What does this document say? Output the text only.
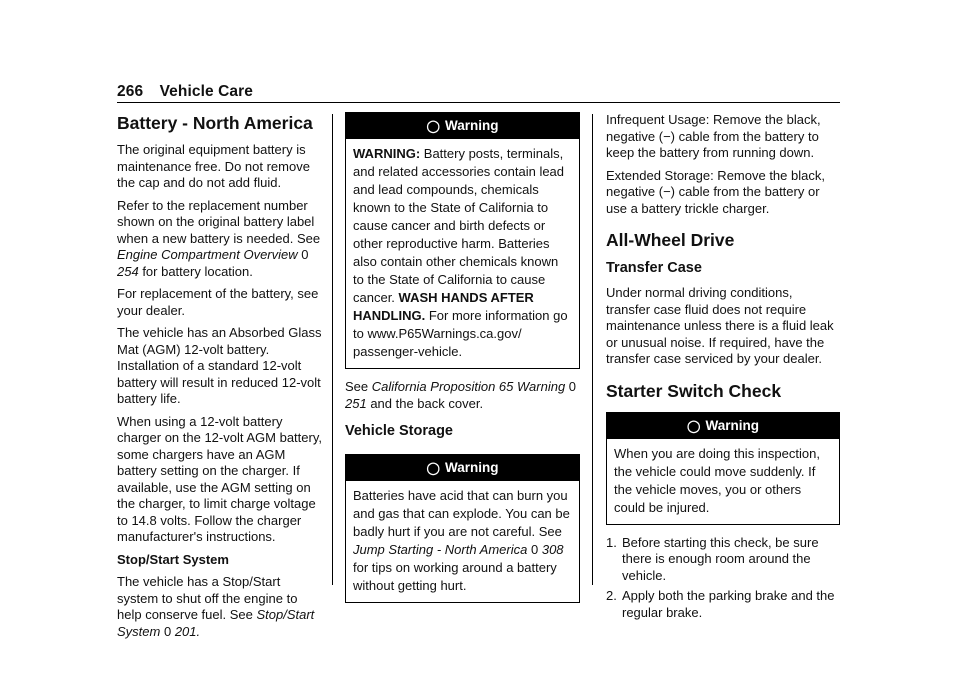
266 Vehicle Care
Battery - North America

The original equipment battery is maintenance free. Do not remove the cap and do not add fluid.

Refer to the replacement number shown on the original battery label when a new battery is needed. See Engine Compartment Overview 0 254 for battery location.

For replacement of the battery, see your dealer.

The vehicle has an Absorbed Glass Mat (AGM) 12-volt battery. Installation of a standard 12-volt battery will result in reduced 12-volt battery life.

When using a 12-volt battery charger on the 12-volt AGM battery, some chargers have an AGM battery setting on the charger. If available, use the AGM setting on the charger, to limit charge voltage to 14.8 volts. Follow the charger manufacturer's instructions.

Stop/Start System

The vehicle has a Stop/Start system to shut off the engine to help conserve fuel. See Stop/Start System 0 201.

◯ Warning
WARNING: Battery posts, terminals, and related accessories contain lead and lead compounds, chemicals known to the State of California to cause cancer and birth defects or other reproductive harm. Batteries also contain other chemicals known to the State of California to cause cancer. WASH HANDS AFTER HANDLING. For more information go to www.P65Warnings.ca.gov/ passenger-vehicle.

See California Proposition 65 Warning 0 251 and the back cover.

Vehicle Storage
◯ Warning
Batteries have acid that can burn you and gas that can explode. You can be badly hurt if you are not careful. See Jump Starting - North America 0 308 for tips on working around a battery without getting hurt.

Infrequent Usage: Remove the black, negative (−) cable from the battery to keep the battery from running down.

Extended Storage: Remove the black, negative (−) cable from the battery or use a battery trickle charger.

All-Wheel Drive
Transfer Case

Under normal driving conditions, transfer case fluid does not require maintenance unless there is a fluid leak or unusual noise. If required, have the transfer case serviced by your dealer.

Starter Switch Check
◯ Warning
When you are doing this inspection, the vehicle could move suddenly. If the vehicle moves, you or others could be injured.
1. Before starting this check, be sure there is enough room around the vehicle.
2. Apply both the parking brake and the regular brake.
